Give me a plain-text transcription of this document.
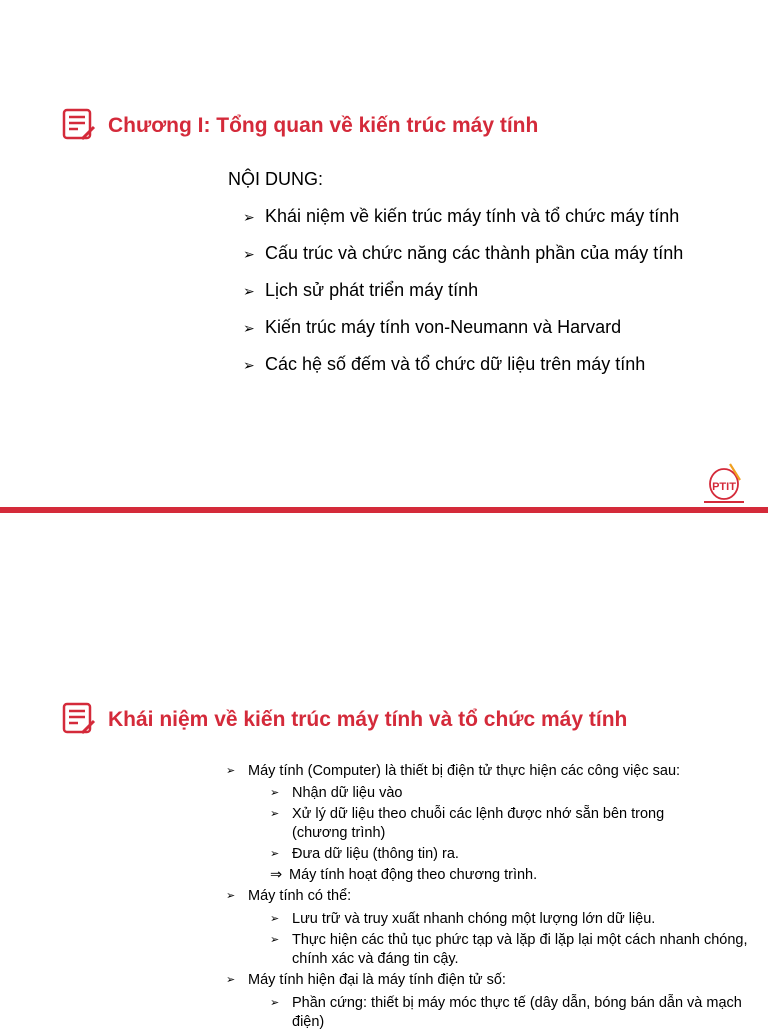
Chương I: Tổng quan về kiến trúc máy tính
NỘI DUNG:
➢ Khái niệm về kiến trúc máy tính và tổ chức máy tính
➢ Cấu trúc và chức năng các thành phần của máy tính
➢ Lịch sử phát triển máy tính
➢ Kiến trúc máy tính von-Neumann và Harvard
➢ Các hệ số đếm và tổ chức dữ liệu trên máy tính
PTIT
Khái niệm về kiến trúc máy tính và tổ chức máy tính

➢ Máy tính (Computer) là thiết bị điện tử thực hiện các công việc sau:

➢ Nhận dữ liệu vào

➢ Xử lý dữ liệu theo chuỗi các lệnh được nhớ sẵn bên trong (chương trình)

➢ Đưa dữ liệu (thông tin) ra.

⇒ Máy tính hoạt động theo chương trình.

➢ Máy tính có thể:

➢ Lưu trữ và truy xuất nhanh chóng một lượng lớn dữ liệu.

➢ Thực hiện các thủ tục phức tạp và lặp đi lặp lại một cách nhanh chóng, chính xác và đáng tin cậy.

➢ Máy tính hiện đại là máy tính điện tử số:

➢ Phần cứng: thiết bị máy móc thực tế (dây dẫn, bóng bán dẫn và mạch điện)
